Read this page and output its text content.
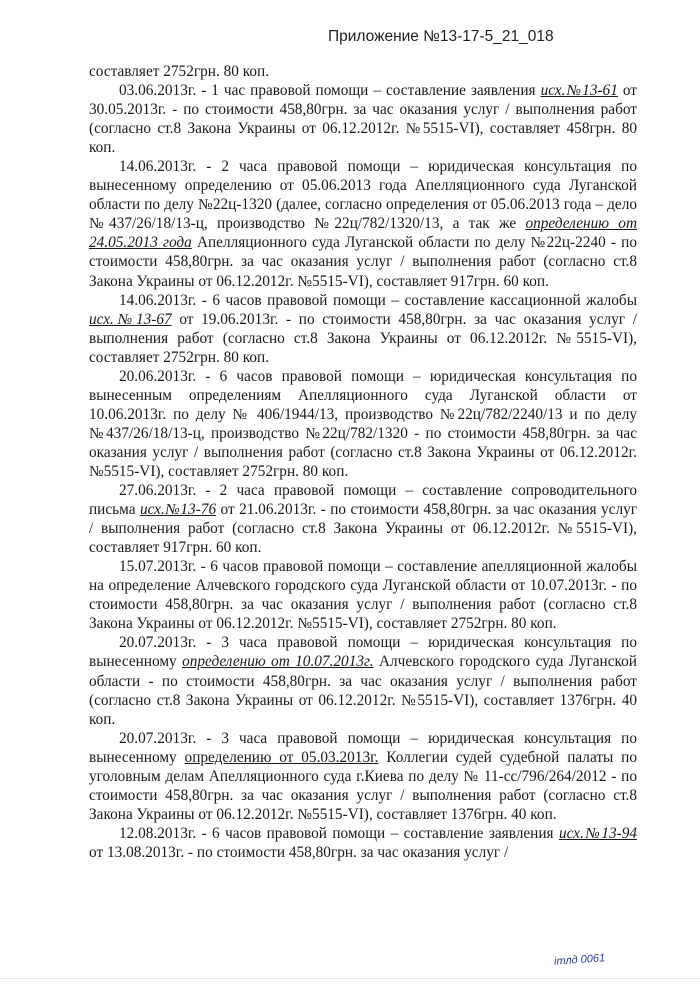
Приложение №13-17-5_21_018

составляет 2752грн. 80 коп.

03.06.2013г. - 1 час правовой помощи – составление заявления исх.№13-61 от 30.05.2013г. - по стоимости 458,80грн. за час оказания услуг / выполнения работ (согласно ст.8 Закона Украины от 06.12.2012г. №5515-VI), составляет 458грн. 80 коп.

14.06.2013г. - 2 часа правовой помощи – юридическая консультация по вынесенному определению от 05.06.2013 года Апелляционного суда Луганской области по делу №22ц-1320 (далее, согласно определения от 05.06.2013 года – дело №437/26/18/13-ц, производство №22ц/782/1320/13, а так же определению от 24.05.2013 года Апелляционного суда Луганской области по делу №22ц-2240 - по стоимости 458,80грн. за час оказания услуг / выполнения работ (согласно ст.8 Закона Украины от 06.12.2012г. №5515-VI), составляет 917грн. 60 коп.

14.06.2013г. - 6 часов правовой помощи – составление кассационной жалобы исх.№13-67 от 19.06.2013г. - по стоимости 458,80грн. за час оказания услуг / выполнения работ (согласно ст.8 Закона Украины от 06.12.2012г. №5515-VI), составляет 2752грн. 80 коп.

20.06.2013г. - 6 часов правовой помощи – юридическая консультация по вынесенным определениям Апелляционного суда Луганской области от 10.06.2013г. по делу № 406/1944/13, производство №22ц/782/2240/13 и по делу №437/26/18/13-ц, производство №22ц/782/1320 - по стоимости 458,80грн. за час оказания услуг / выполнения работ (согласно ст.8 Закона Украины от 06.12.2012г. №5515-VI), составляет 2752грн. 80 коп.

27.06.2013г. - 2 часа правовой помощи – составление сопроводительного письма исх.№13-76 от 21.06.2013г. - по стоимости 458,80грн. за час оказания услуг / выполнения работ (согласно ст.8 Закона Украины от 06.12.2012г. №5515-VI), составляет 917грн. 60 коп.

15.07.2013г. - 6 часов правовой помощи – составление апелляционной жалобы на определение Алчевского городского суда Луганской области от 10.07.2013г. - по стоимости 458,80грн. за час оказания услуг / выполнения работ (согласно ст.8 Закона Украины от 06.12.2012г. №5515-VI), составляет 2752грн. 80 коп.

20.07.2013г. - 3 часа правовой помощи – юридическая консультация по вынесенному определению от 10.07.2013г. Алчевского городского суда Луганской области - по стоимости 458,80грн. за час оказания услуг / выполнения работ (согласно ст.8 Закона Украины от 06.12.2012г. №5515-VI), составляет 1376грн. 40 коп.

20.07.2013г. - 3 часа правовой помощи – юридическая консультация по вынесенному определению от 05.03.2013г. Коллегии судей судебной палаты по уголовным делам Апелляционного суда г.Киева по делу № 11-сс/796/264/2012 - по стоимости 458,80грн. за час оказания услуг / выполнения работ (согласно ст.8 Закона Украины от 06.12.2012г. №5515-VI), составляет 1376грн. 40 коп.

12.08.2013г. - 6 часов правовой помощи – составление заявления исх.№13-94 от 13.08.2013г. - по стоимости 458,80грн. за час оказания услуг /

ітлд 0061
